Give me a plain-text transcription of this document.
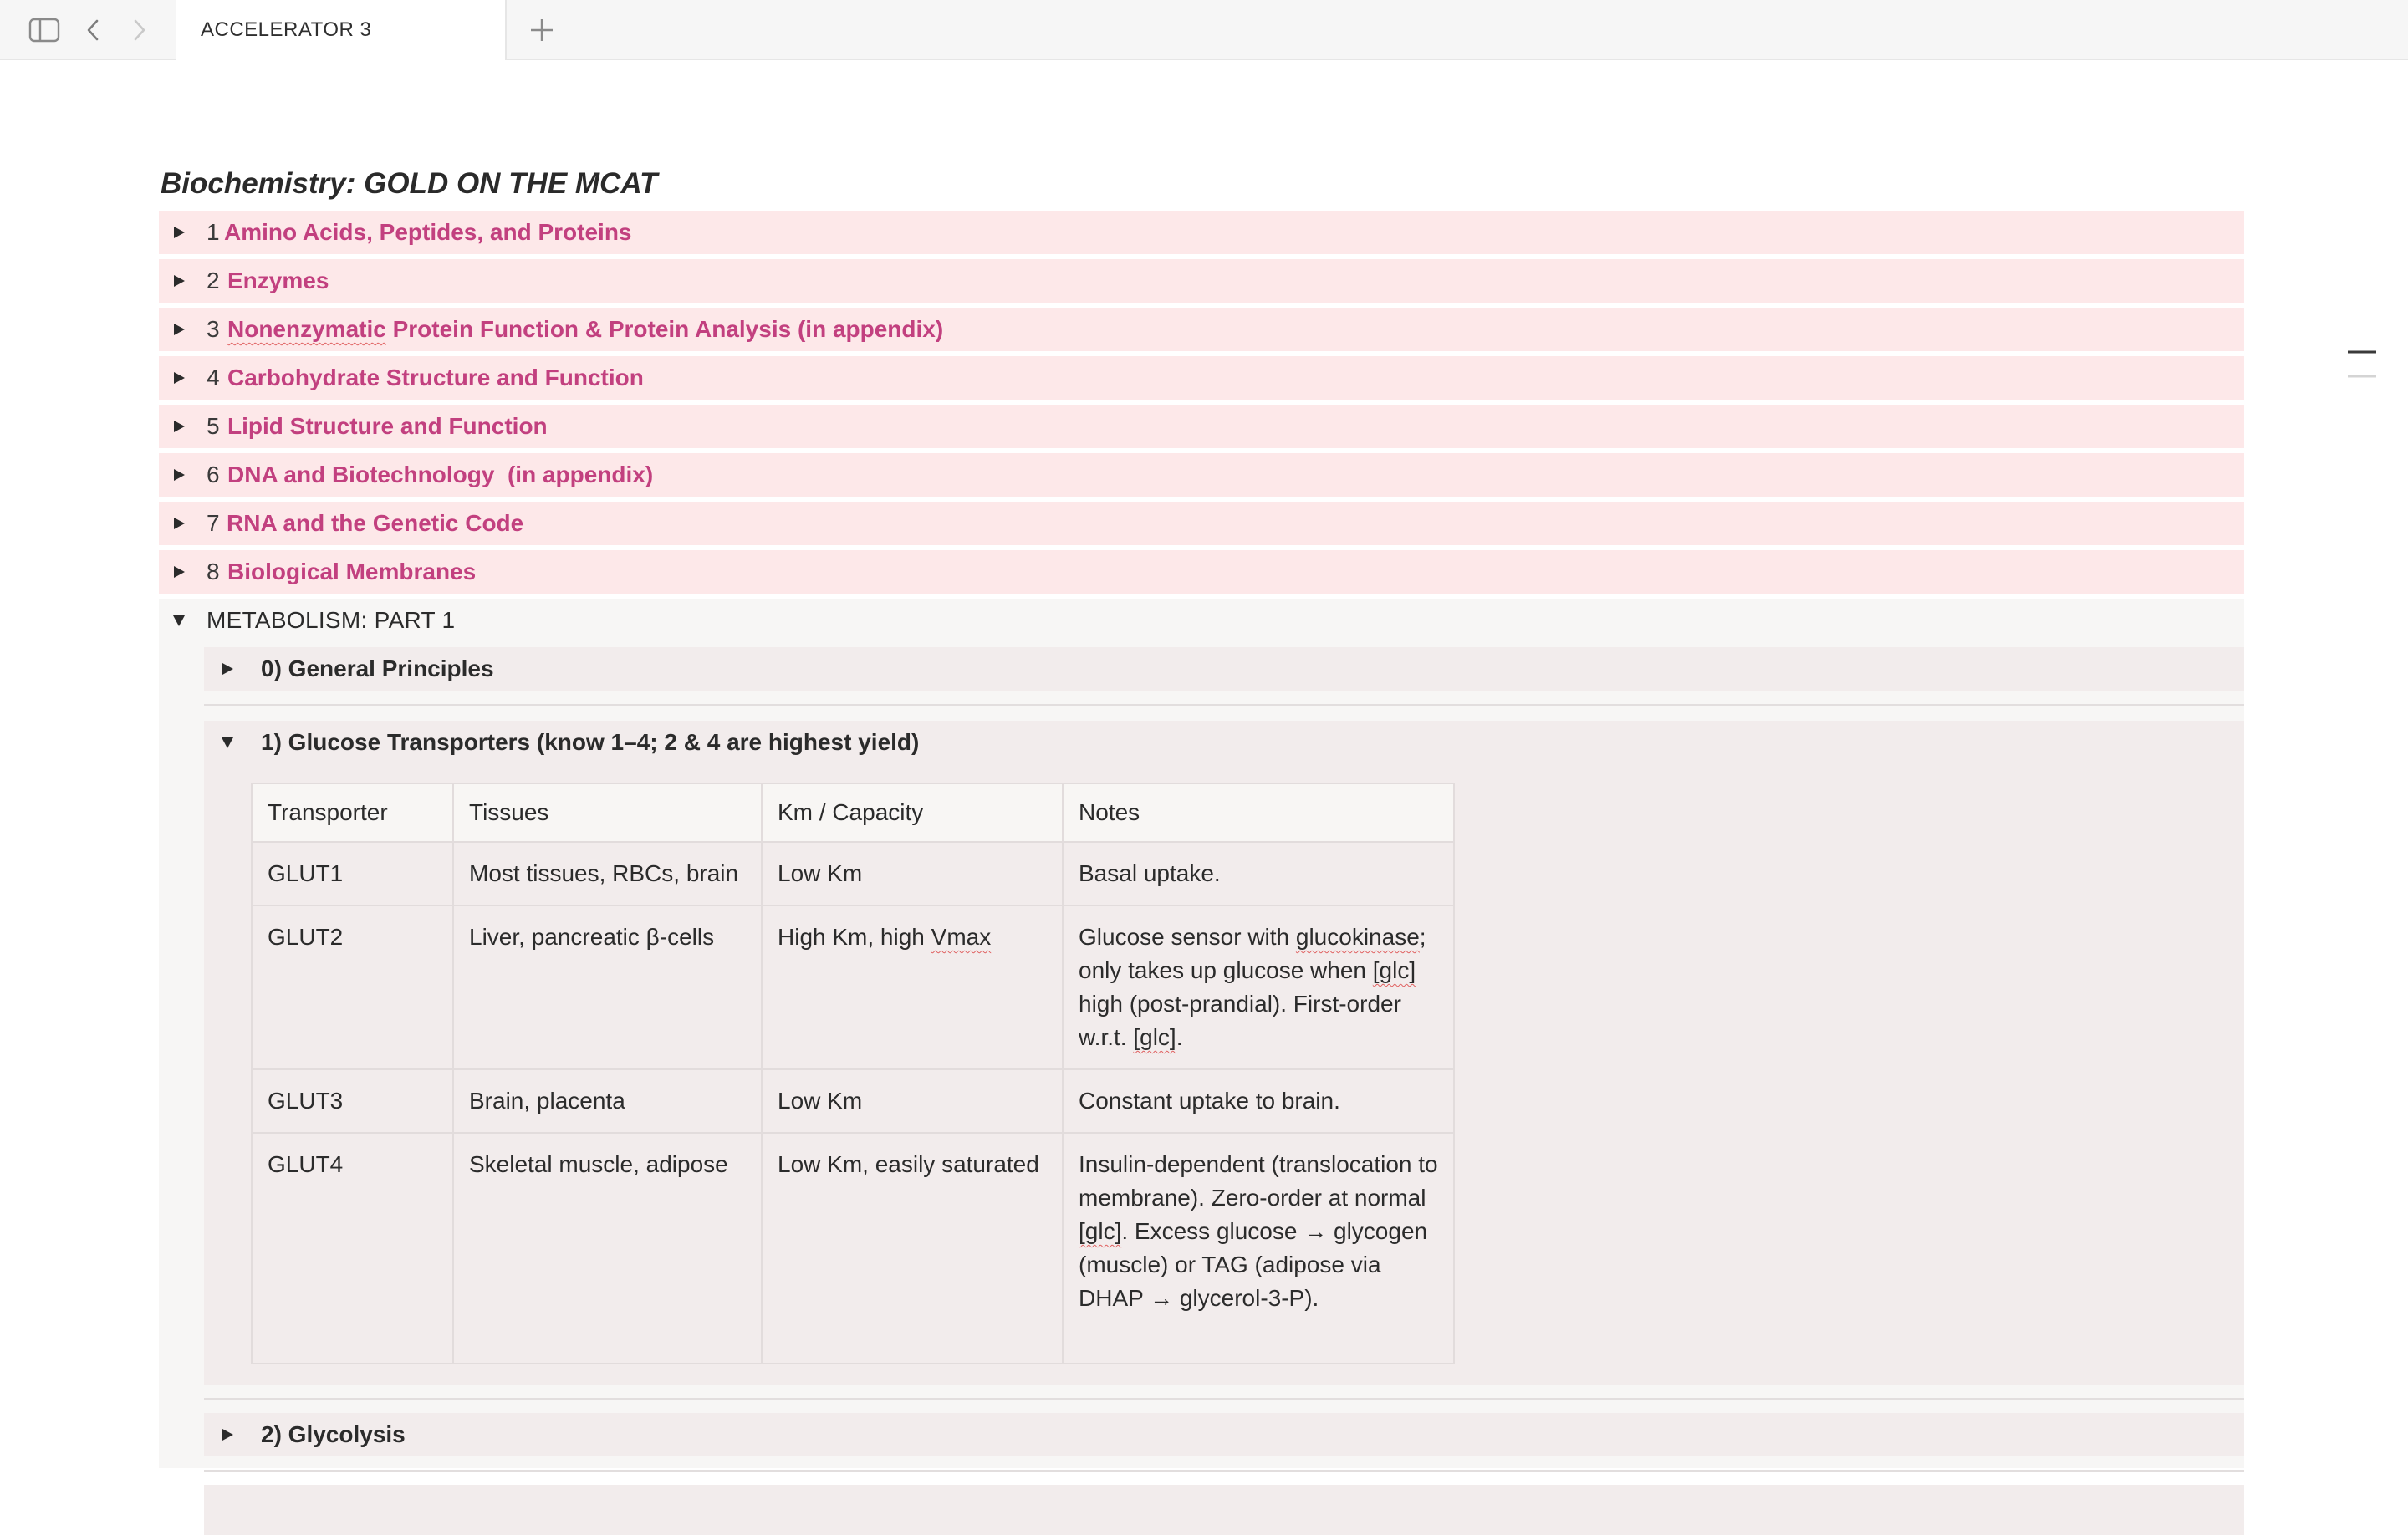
ACCELERATOR 3
Biochemistry: GOLD ON THE MCAT
1 Amino Acids, Peptides, and Proteins
2 Enzymes
3 Nonenzymatic Protein Function & Protein Analysis (in appendix)
4 Carbohydrate Structure and Function
5 Lipid Structure and Function
6 DNA and Biotechnology  (in appendix)
7 RNA and the Genetic Code
8 Biological Membranes
METABOLISM: PART 1
0) General Principles
1) Glucose Transporters (know 1–4; 2 & 4 are highest yield)
Transporter	Tissues	Km / Capacity	Notes
GLUT1	Most tissues, RBCs, brain	Low Km	Basal uptake.
GLUT2	Liver, pancreatic β-cells	High Km, high Vmax	Glucose sensor with glucokinase; only takes up glucose when [glc] high (post-prandial). First-order w.r.t. [glc].
GLUT3	Brain, placenta	Low Km	Constant uptake to brain.
GLUT4	Skeletal muscle, adipose	Low Km, easily saturated	Insulin-dependent (translocation to membrane). Zero-order at normal [glc]. Excess glucose → glycogen (muscle) or TAG (adipose via DHAP → glycerol-3-P).
2) Glycolysis
